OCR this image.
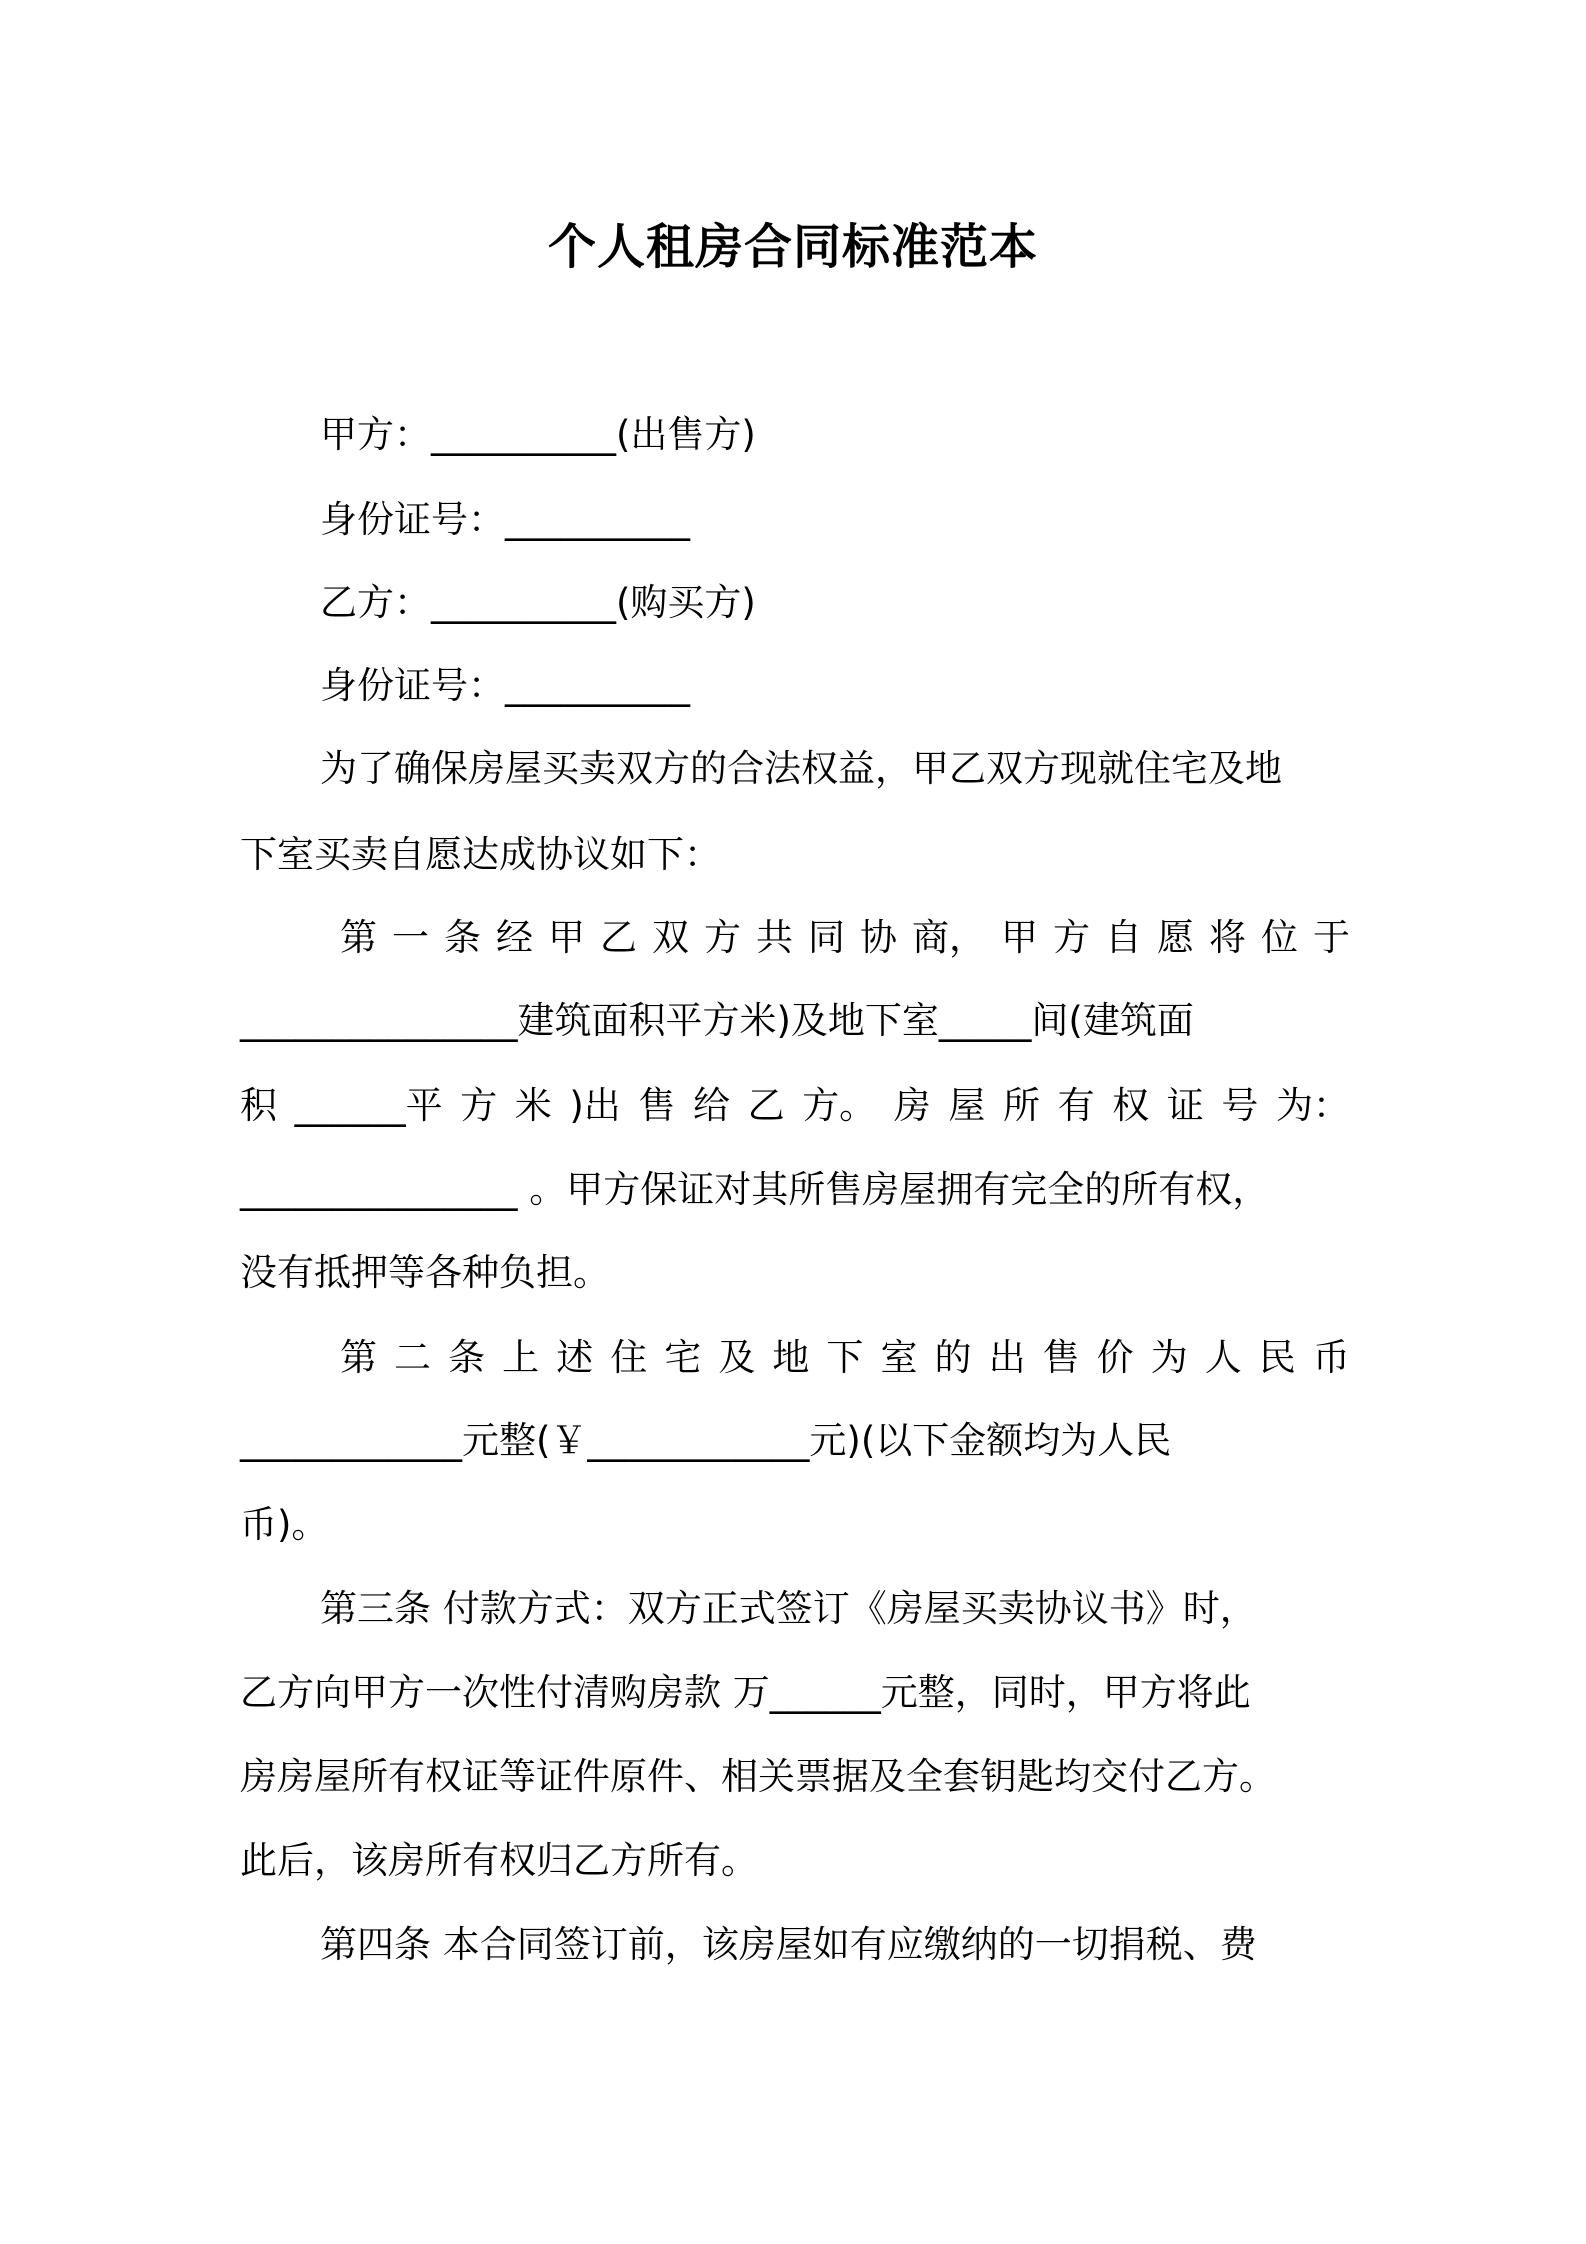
个人租房合同标准范本
甲方：__________(出售方)
身份证号：__________
乙方：__________(购买方)
身份证号：__________
为了确保房屋买卖双方的合法权益，甲乙双方现就住宅及地
下室买卖自愿达成协议如下：
第 一 条 经 甲 乙 双 方 共 同 协 商， 甲 方 自 愿 将 位 于
_______________建筑面积平方米)及地下室_____间(建筑面
积 ______平 方 米 )出 售 给 乙 方。 房 屋 所 有 权 证 号 为：
_______________ 。甲方保证对其所售房屋拥有完全的所有权，
没有抵押等各种负担。
第 二 条 上 述 住 宅 及 地 下 室 的 出 售 价 为 人 民 币
____________元整(￥____________元)(以下金额均为人民
币)。
第三条 付款方式：双方正式签订《房屋买卖协议书》时，
乙方向甲方一次性付清购房款 万______元整，同时，甲方将此
房房屋所有权证等证件原件、相关票据及全套钥匙均交付乙方。
此后，该房所有权归乙方所有。
第四条 本合同签订前，该房屋如有应缴纳的一切捐税、费
